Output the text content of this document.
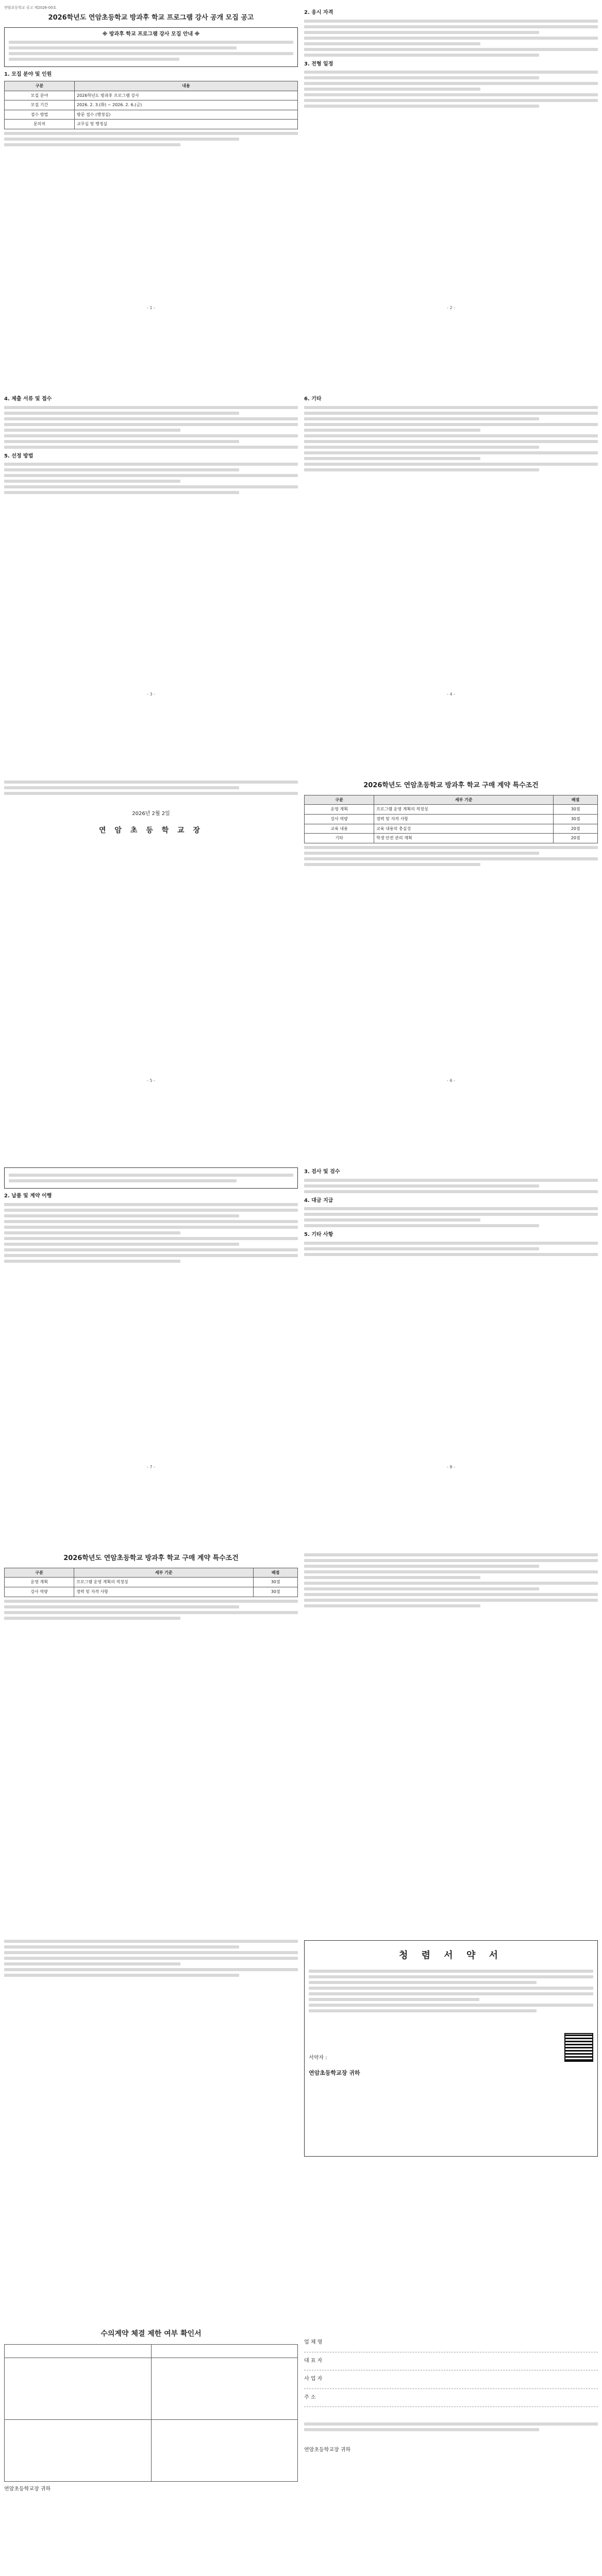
연암초등학교 공고 제2026-00호
2026학년도 연암초등학교 방과후 학교 프로그램 강사 공개 모집 공고
※ 방과후 학교 프로그램 강사 모집 안내 ※
1. 모집 분야 및 인원
구분	내용
모집 분야	2026학년도 방과후 프로그램 강사
모집 기간	2026. 2. 3.(화) ~ 2026. 2. 6.(금)
접수 방법	방문 접수 (행정실)
문의처	교무실 및 행정실
- 1 -
2. 응시 자격
3. 전형 일정
- 2 -
4. 제출 서류 및 접수
5. 선정 방법
- 3 -
6. 기타
- 4 -
2026년 2월 2일
연 암 초 등 학 교 장
- 5 -
2026학년도 연암초등학교 방과후 학교 구매 계약 특수조건
구분	세부 기준	배점
운영 계획	프로그램 운영 계획의 적정성	30점
강사 역량	경력 및 자격 사항	30점
교육 내용	교육 내용의 충실성	20점
기타	학생 안전 관리 계획	20점
- 6 -
2. 납품 및 계약 이행
- 7 -
3. 검사 및 검수
4. 대금 지급
5. 기타 사항
- 8 -
2026학년도 연암초등학교 방과후 학교 구매 계약 특수조건
구분	세부 기준	배점
운영 계획	프로그램 운영 계획의 적정성	30점
강사 역량	경력 및 자격 사항	30점
청 렴 서 약 서
서약자 :
연암초등학교장 귀하
수의계약 체결 제한 여부 확인서

연암초등학교장 귀하
업 체 명
대 표 자
사 업 자
주 소
연암초등학교장 귀하
